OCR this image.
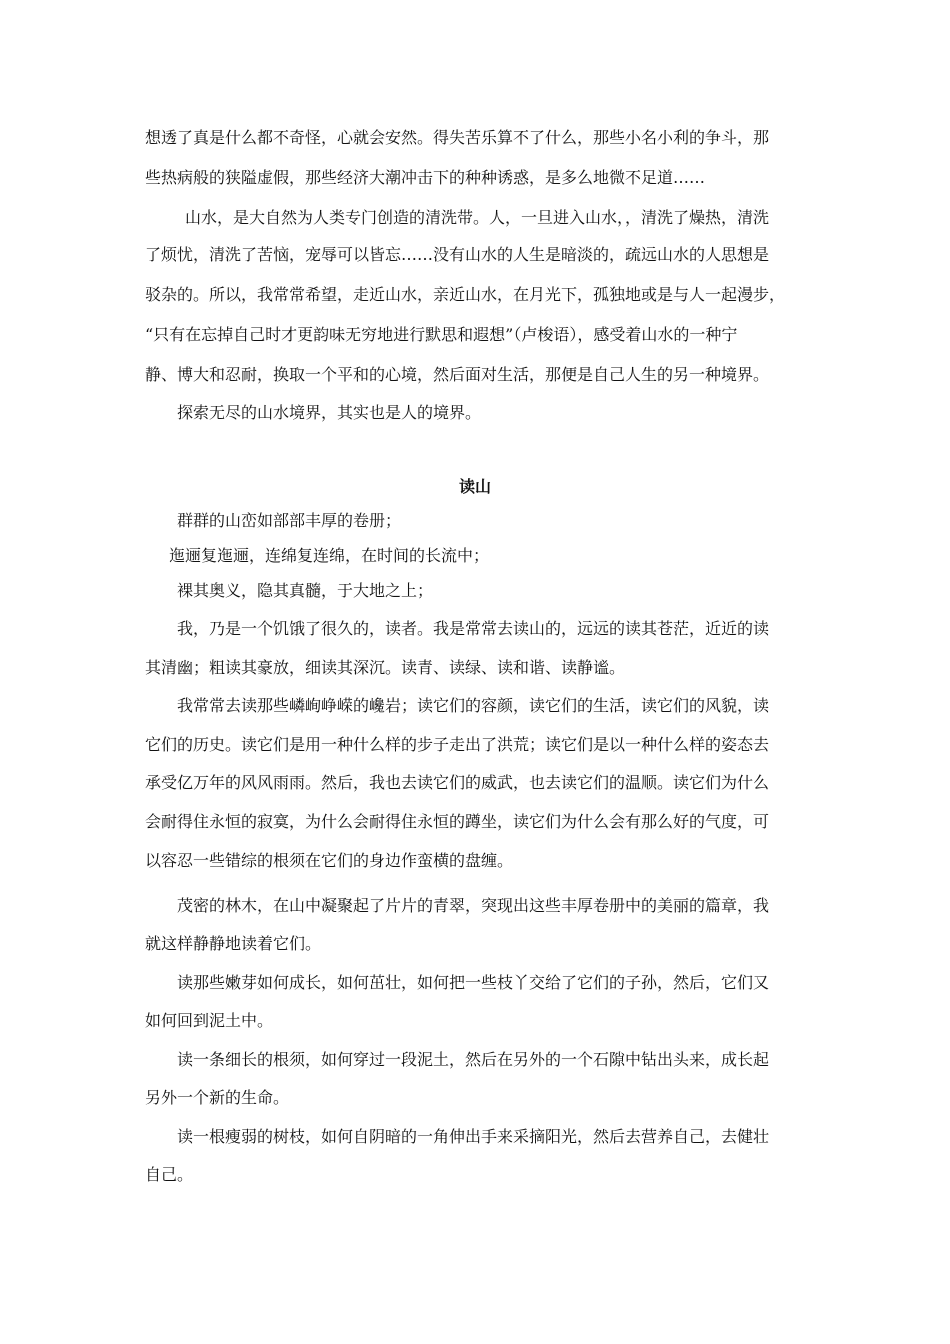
想透了真是什么都不奇怪，心就会安然。得失苦乐算不了什么，那些小名小利的争斗，那

些热病般的狭隘虚假，那些经济大潮冲击下的种种诱惑，是多么地微不足道……

山水，是大自然为人类专门创造的清洗带。人，一旦进入山水，，清洗了燥热，清洗

了烦忧，清洗了苦恼，宠辱可以皆忘……没有山水的人生是暗淡的，疏远山水的人思想是

驳杂的。所以，我常常希望，走近山水，亲近山水，在月光下，孤独地或是与人一起漫步，

“只有在忘掉自己时才更韵味无穷地进行默思和遐想”（卢梭语），感受着山水的一种宁

静、博大和忍耐，换取一个平和的心境，然后面对生活，那便是自己人生的另一种境界。

探索无尽的山水境界，其实也是人的境界。

读山

群群的山峦如部部丰厚的卷册；

迤逦复迤逦，连绵复连绵，在时间的长流中；

裸其奥义，隐其真髓，于大地之上；

我，乃是一个饥饿了很久的，读者。我是常常去读山的，远远的读其苍茫，近近的读

其清幽；粗读其豪放，细读其深沉。读青、读绿、读和谐、读静谧。

我常常去读那些嶙峋峥嵘的巉岩；读它们的容颜，读它们的生活，读它们的风貌，读

它们的历史。读它们是用一种什么样的步子走出了洪荒；读它们是以一种什么样的姿态去

承受亿万年的风风雨雨。然后，我也去读它们的威武，也去读它们的温顺。读它们为什么

会耐得住永恒的寂寞，为什么会耐得住永恒的蹲坐，读它们为什么会有那么好的气度，可

以容忍一些错综的根须在它们的身边作蛮横的盘缠。

茂密的林木，在山中凝聚起了片片的青翠，突现出这些丰厚卷册中的美丽的篇章，我

就这样静静地读着它们。

读那些嫩芽如何成长，如何茁壮，如何把一些枝丫交给了它们的子孙，然后，它们又

如何回到泥土中。

读一条细长的根须，如何穿过一段泥土，然后在另外的一个石隙中钻出头来，成长起

另外一个新的生命。

读一根瘦弱的树枝，如何自阴暗的一角伸出手来采摘阳光，然后去营养自己，去健壮

自己。
